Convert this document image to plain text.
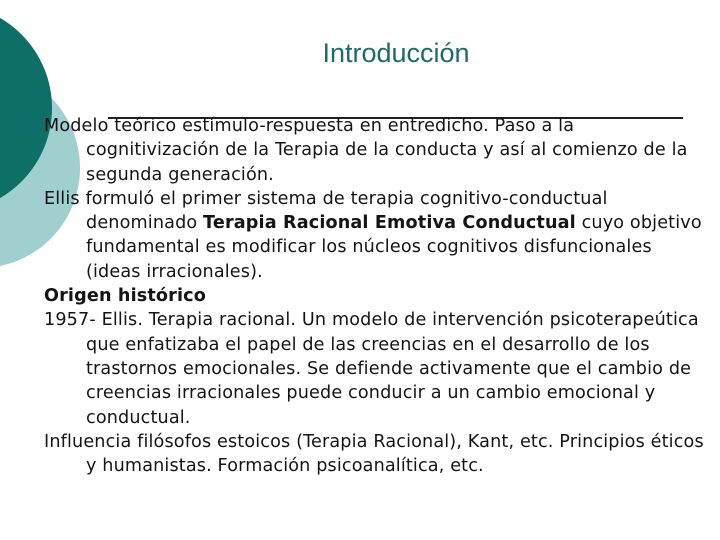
Introducción

Modelo teórico estímulo-respuesta en entredicho. Paso a la cognitivización de la Terapia de la conducta y así al comienzo de la segunda generación.

Ellis formuló el primer sistema de terapia cognitivo-conductual denominado Terapia Racional Emotiva Conductual cuyo objetivo fundamental es modificar los núcleos cognitivos disfuncionales (ideas irracionales).

Origen histórico

1957- Ellis. Terapia racional. Un modelo de intervención psicoterapeútica que enfatizaba el papel de las creencias en el desarrollo de los trastornos emocionales. Se defiende activamente que el cambio de creencias irracionales puede conducir a un cambio emocional y conductual.

Influencia filósofos estoicos (Terapia Racional), Kant, etc. Principios éticos y humanistas. Formación psicoanalítica, etc.
